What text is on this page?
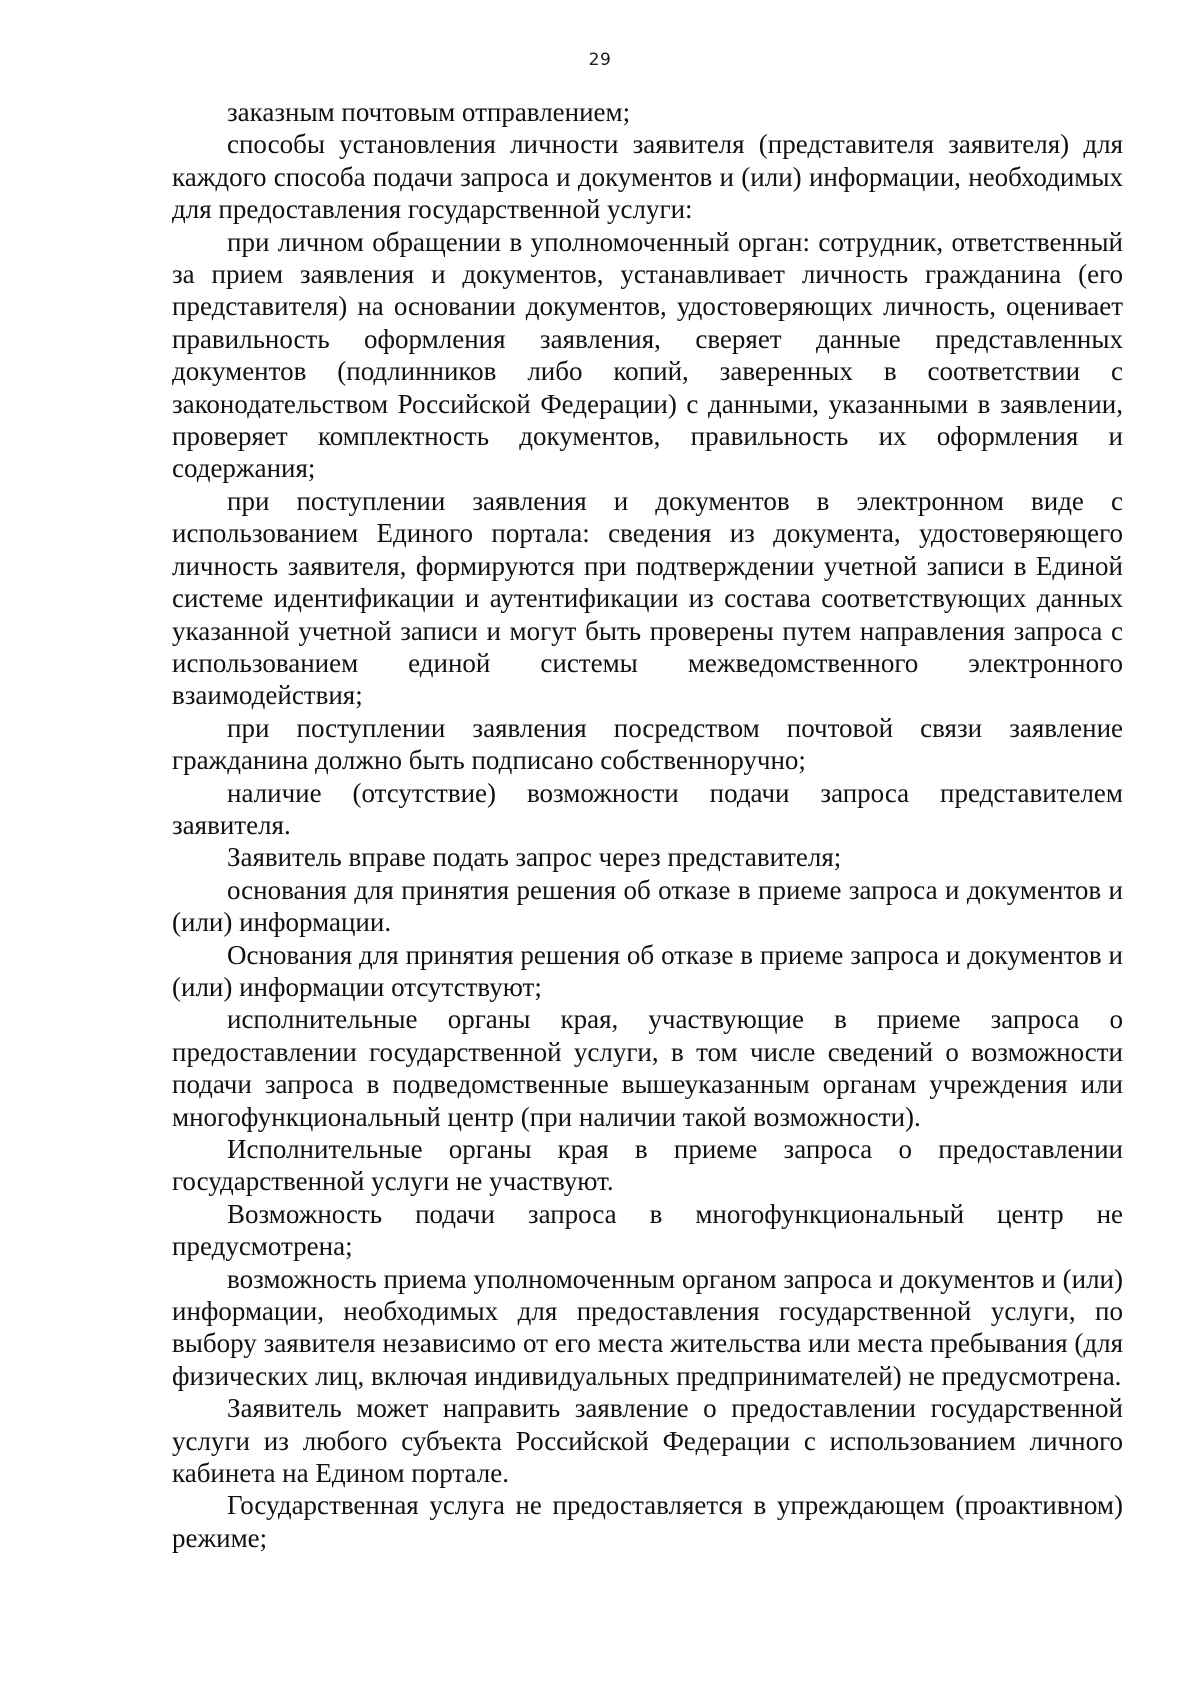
29

заказным почтовым отправлением;

способы установления личности заявителя (представителя заявителя) для каждого способа подачи запроса и документов и (или) информации, необходимых для предоставления государственной услуги:

при личном обращении в уполномоченный орган: сотрудник, ответственный за прием заявления и документов, устанавливает личность гражданина (его представителя) на основании документов, удостоверяющих личность, оценивает правильность оформления заявления, сверяет данные представленных документов (подлинников либо копий, заверенных в соответствии с законодательством Российской Федерации) с данными, указанными в заявлении, проверяет комплектность документов, правильность их оформления и содержания;

при поступлении заявления и документов в электронном виде с использованием Единого портала: сведения из документа, удостоверяющего личность заявителя, формируются при подтверждении учетной записи в Единой системе идентификации и аутентификации из состава соответствующих данных указанной учетной записи и могут быть проверены путем направления запроса с использованием единой системы межведомственного электронного взаимодействия;

при поступлении заявления посредством почтовой связи заявление гражданина должно быть подписано собственноручно;

наличие (отсутствие) возможности подачи запроса представителем заявителя.

Заявитель вправе подать запрос через представителя;

основания для принятия решения об отказе в приеме запроса и документов и (или) информации.

Основания для принятия решения об отказе в приеме запроса и документов и (или) информации отсутствуют;

исполнительные органы края, участвующие в приеме запроса о предоставлении государственной услуги, в том числе сведений о возможности подачи запроса в подведомственные вышеуказанным органам учреждения или многофункциональный центр (при наличии такой возможности).

Исполнительные органы края в приеме запроса о предоставлении государственной услуги не участвуют.

Возможность подачи запроса в многофункциональный центр не предусмотрена;

возможность приема уполномоченным органом запроса и документов и (или) информации, необходимых для предоставления государственной услуги, по выбору заявителя независимо от его места жительства или места пребывания (для физических лиц, включая индивидуальных предпринимателей) не предусмотрена.

Заявитель может направить заявление о предоставлении государственной услуги из любого субъекта Российской Федерации с использованием личного кабинета на Едином портале.

Государственная услуга не предоставляется в упреждающем (проактивном) режиме;
